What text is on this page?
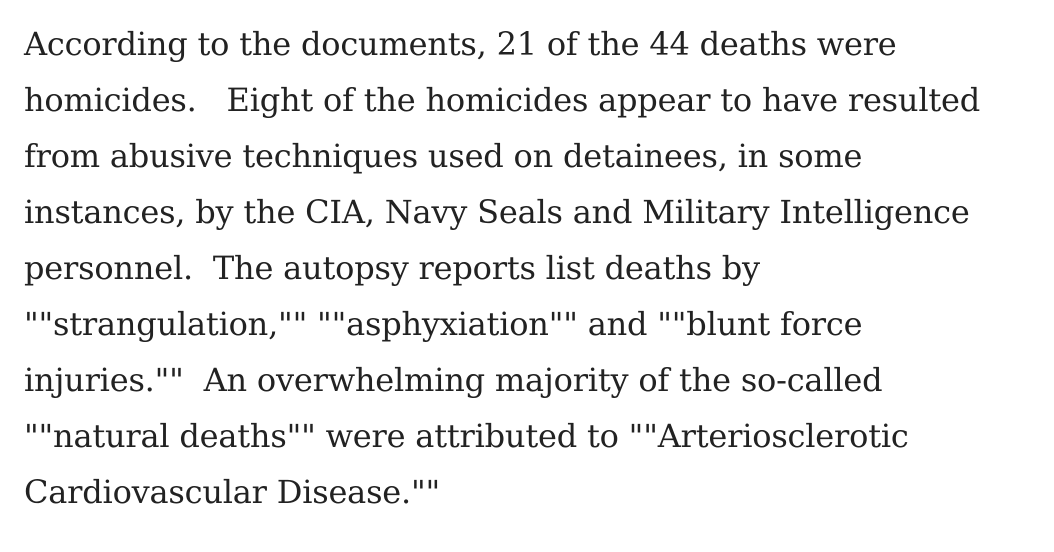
According to the documents, 21 of the 44 deaths were
homicides.   Eight of the homicides appear to have resulted
from abusive techniques used on detainees, in some
instances, by the CIA, Navy Seals and Military Intelligence
personnel.  The autopsy reports list deaths by
""strangulation,"" ""asphyxiation"" and ""blunt force
injuries.""  An overwhelming majority of the so-called
""natural deaths"" were attributed to ""Arteriosclerotic
Cardiovascular Disease.""
